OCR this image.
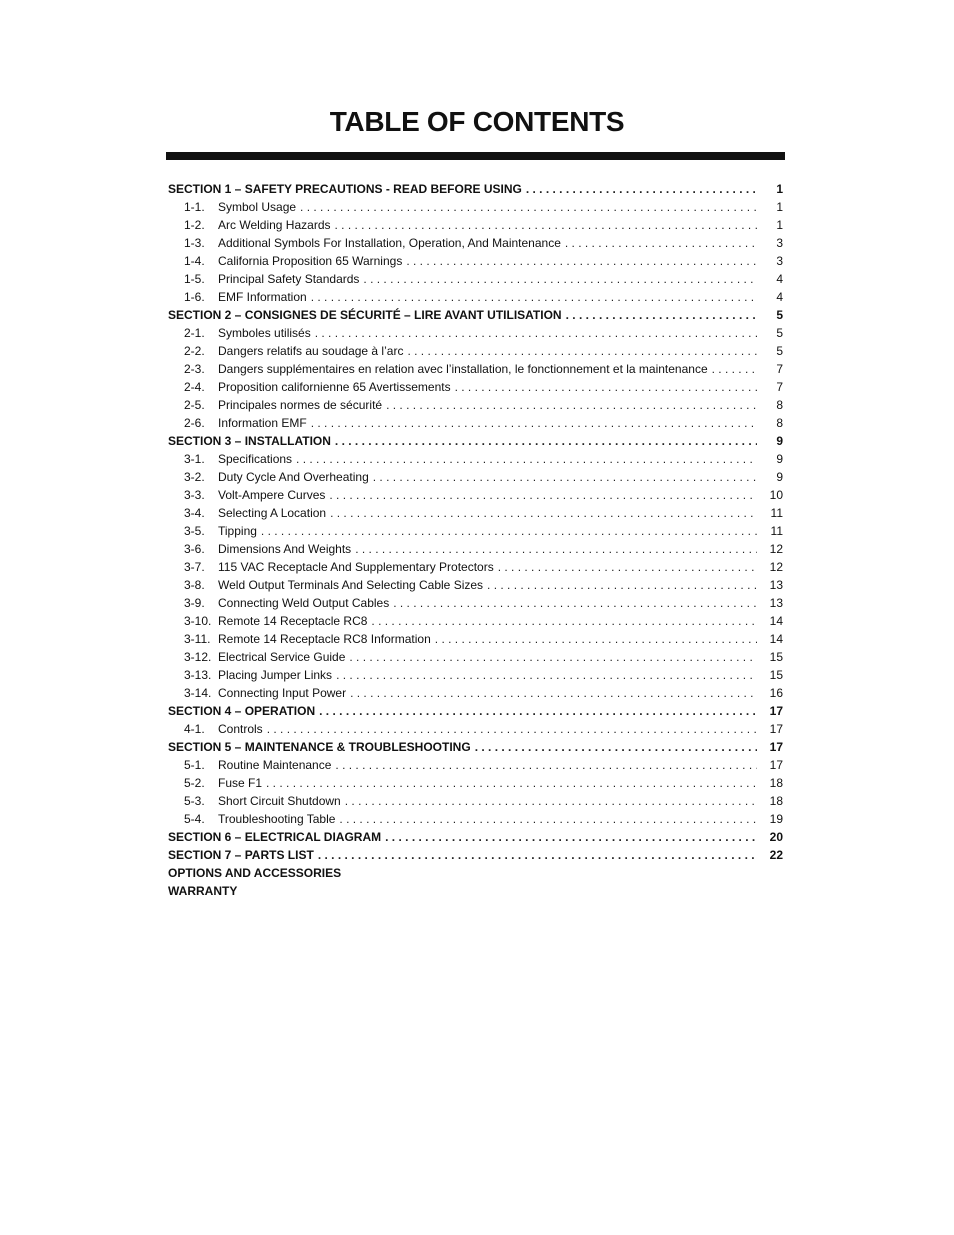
TABLE OF CONTENTS
SECTION 1 – SAFETY PRECAUTIONS - READ BEFORE USING . . .	1
1-1.	Symbol Usage . . .	1
1-2.	Arc Welding Hazards . . .	1
1-3.	Additional Symbols For Installation, Operation, And Maintenance . . .	3
1-4.	California Proposition 65 Warnings . . .	3
1-5.	Principal Safety Standards . . .	4
1-6.	EMF Information . . .	4
SECTION 2 – CONSIGNES DE SÉCURITÉ – LIRE AVANT UTILISATION . . .	5
2-1.	Symboles utilisés . . .	5
2-2.	Dangers relatifs au soudage à l’arc . . .	5
2-3.	Dangers supplémentaires en relation avec l’installation, le fonctionnement et la maintenance . . .	7
2-4.	Proposition californienne 65 Avertissements . . .	7
2-5.	Principales normes de sécurité . . .	8
2-6.	Information EMF . . .	8
SECTION 3 – INSTALLATION . . .	9
3-1.	Specifications . . .	9
3-2.	Duty Cycle And Overheating . . .	9
3-3.	Volt-Ampere Curves . . .	10
3-4.	Selecting A Location . . .	11
3-5.	Tipping . . .	11
3-6.	Dimensions And Weights . . .	12
3-7.	115 VAC Receptacle And Supplementary Protectors . . .	12
3-8.	Weld Output Terminals And Selecting Cable Sizes . . .	13
3-9.	Connecting Weld Output Cables . . .	13
3-10. Remote 14 Receptacle RC8 . . .	14
3-11. Remote 14 Receptacle RC8 Information . . .	14
3-12. Electrical Service Guide . . .	15
3-13. Placing Jumper Links . . .	15
3-14. Connecting Input Power . . .	16
SECTION 4 – OPERATION . . .	17
4-1.	Controls . . .	17
SECTION 5 – MAINTENANCE & TROUBLESHOOTING . . .	17
5-1.	Routine Maintenance . . .	17
5-2.	Fuse F1 . . .	18
5-3.	Short Circuit Shutdown . . .	18
5-4.	Troubleshooting Table . . .	19
SECTION 6 – ELECTRICAL DIAGRAM . . .	20
SECTION 7 – PARTS LIST . . .	22
OPTIONS AND ACCESSORIES
WARRANTY
